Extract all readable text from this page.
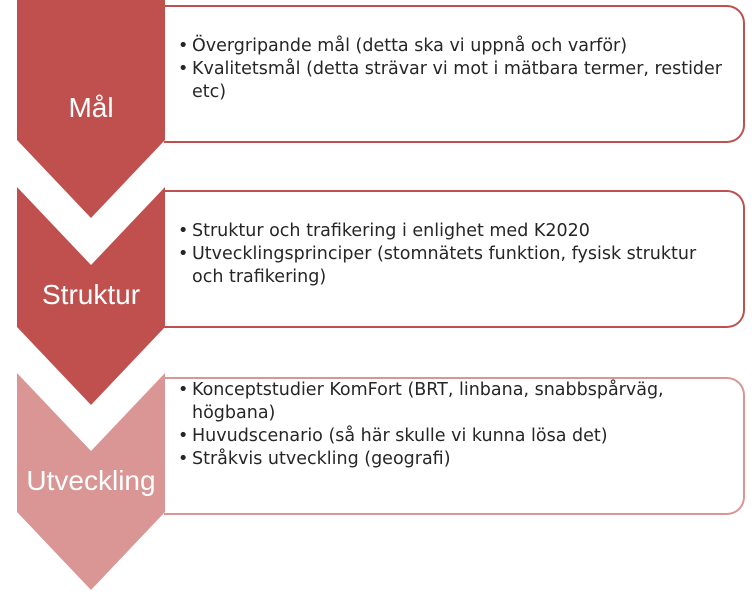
• Övergripande mål (detta ska vi uppnå och varför)
• Kvalitetsmål (detta strävar vi mot i mätbara termer, restider etc)
• Struktur och trafikering i enlighet med K2020
• Utvecklingsprinciper (stomnätets funktion, fysisk struktur och trafikering)
• Konceptstudier KomFort (BRT, linbana, snabbspårväg, högbana)
• Huvudscenario (så här skulle vi kunna lösa det)
• Stråkvis utveckling (geografi)
Mål
Struktur
Utveckling
